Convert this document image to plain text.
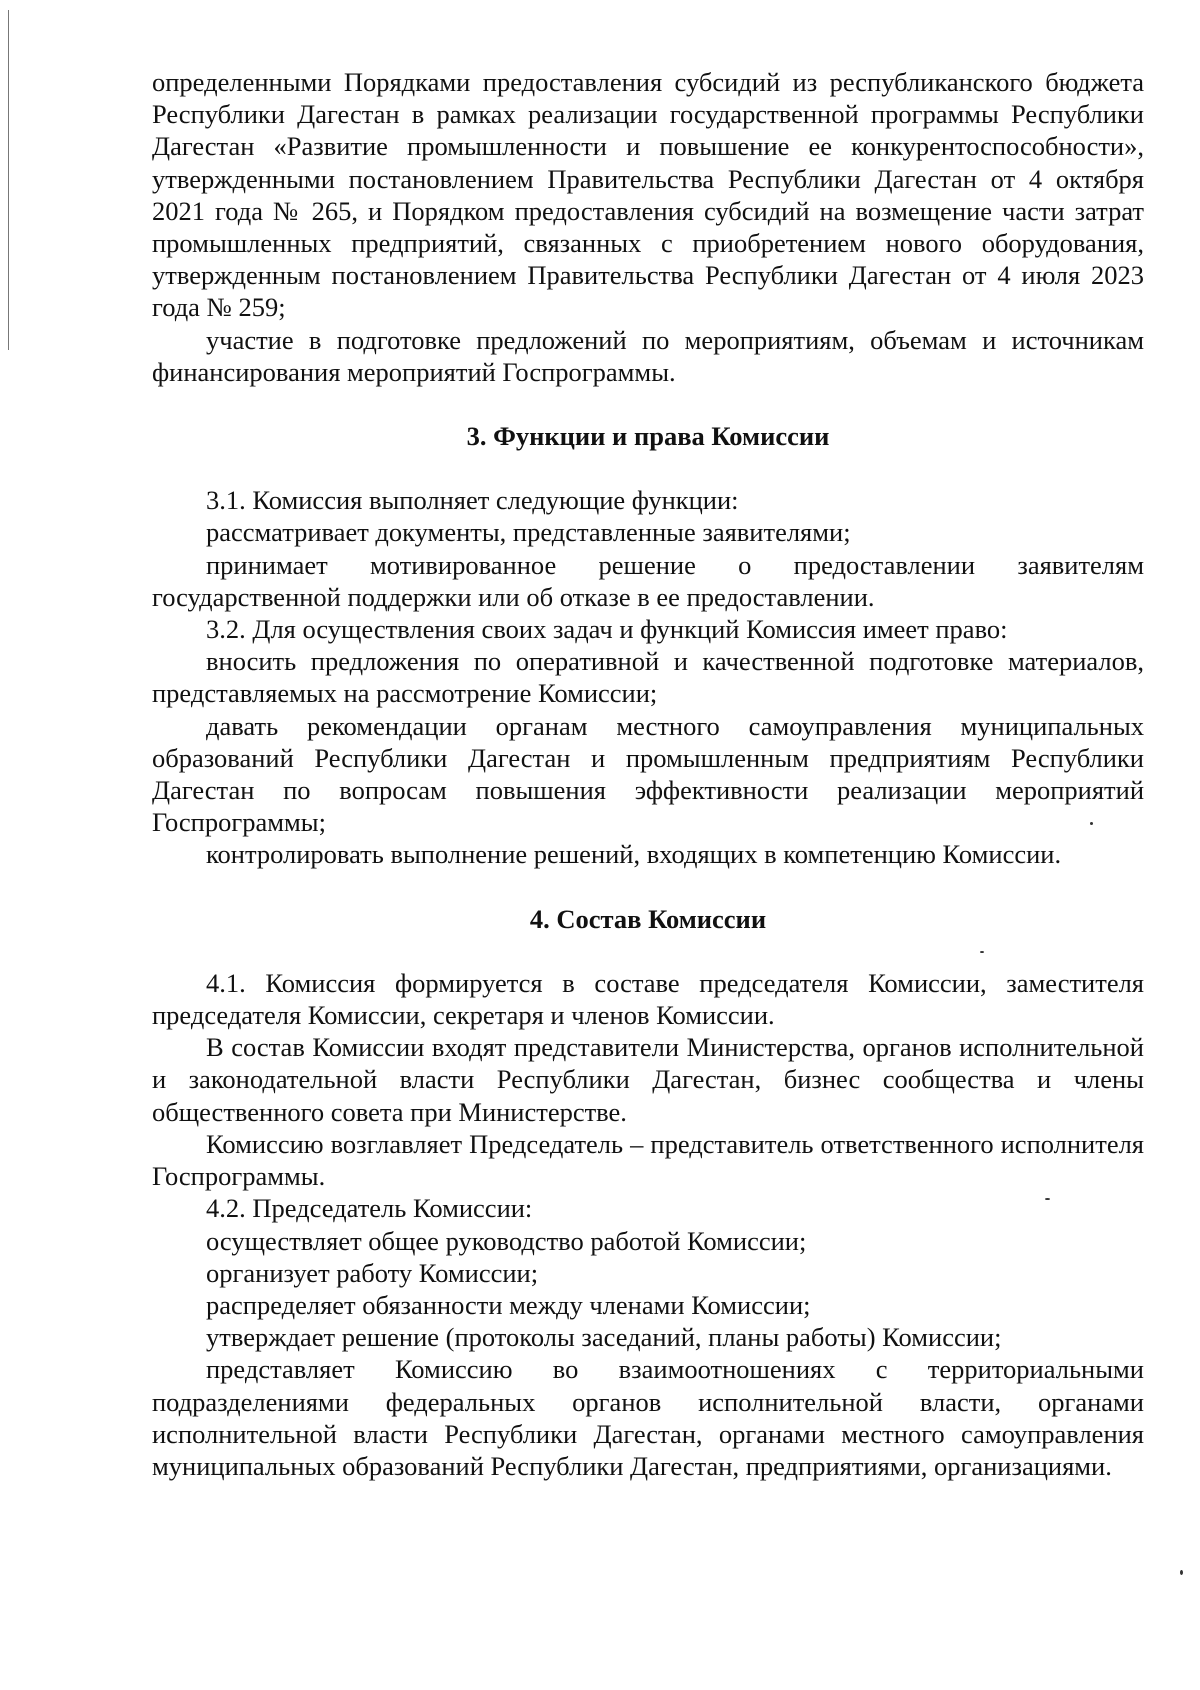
определенными Порядками предоставления субсидий из республиканского бюджета Республики Дагестан в рамках реализации государственной программы Республики Дагестан «Развитие промышленности и повышение ее конкурентоспособности», утвержденными постановлением Правительства Республики Дагестан от 4 октября 2021 года № 265, и Порядком предоставления субсидий на возмещение части затрат промышленных предприятий, связанных с приобретением нового оборудования, утвержденным постановлением Правительства Республики Дагестан от 4 июля 2023 года № 259;

участие в подготовке предложений по мероприятиям, объемам и источникам финансирования мероприятий Госпрограммы.

3. Функции и права Комиссии

3.1. Комиссия выполняет следующие функции:

рассматривает документы, представленные заявителями;

принимает мотивированное решение о предоставлении заявителям государственной поддержки или об отказе в ее предоставлении.

3.2. Для осуществления своих задач и функций Комиссия имеет право:

вносить предложения по оперативной и качественной подготовке материалов, представляемых на рассмотрение Комиссии;

давать рекомендации органам местного самоуправления муниципальных образований Республики Дагестан и промышленным предприятиям Республики Дагестан по вопросам повышения эффективности реализации мероприятий Госпрограммы;

контролировать выполнение решений, входящих в компетенцию Комиссии.

4. Состав Комиссии

4.1. Комиссия формируется в составе председателя Комиссии, заместителя председателя Комиссии, секретаря и членов Комиссии.

В состав Комиссии входят представители Министерства, органов исполнительной и законодательной власти Республики Дагестан, бизнес сообщества и члены общественного совета при Министерстве.

Комиссию возглавляет Председатель – представитель ответственного исполнителя Госпрограммы.

4.2. Председатель Комиссии:

осуществляет общее руководство работой Комиссии;

организует работу Комиссии;

распределяет обязанности между членами Комиссии;

утверждает решение (протоколы заседаний, планы работы) Комиссии;

представляет Комиссию во взаимоотношениях с территориальными подразделениями федеральных органов исполнительной власти, органами исполнительной власти Республики Дагестан, органами местного самоуправления муниципальных образований Республики Дагестан, предприятиями, организациями.
